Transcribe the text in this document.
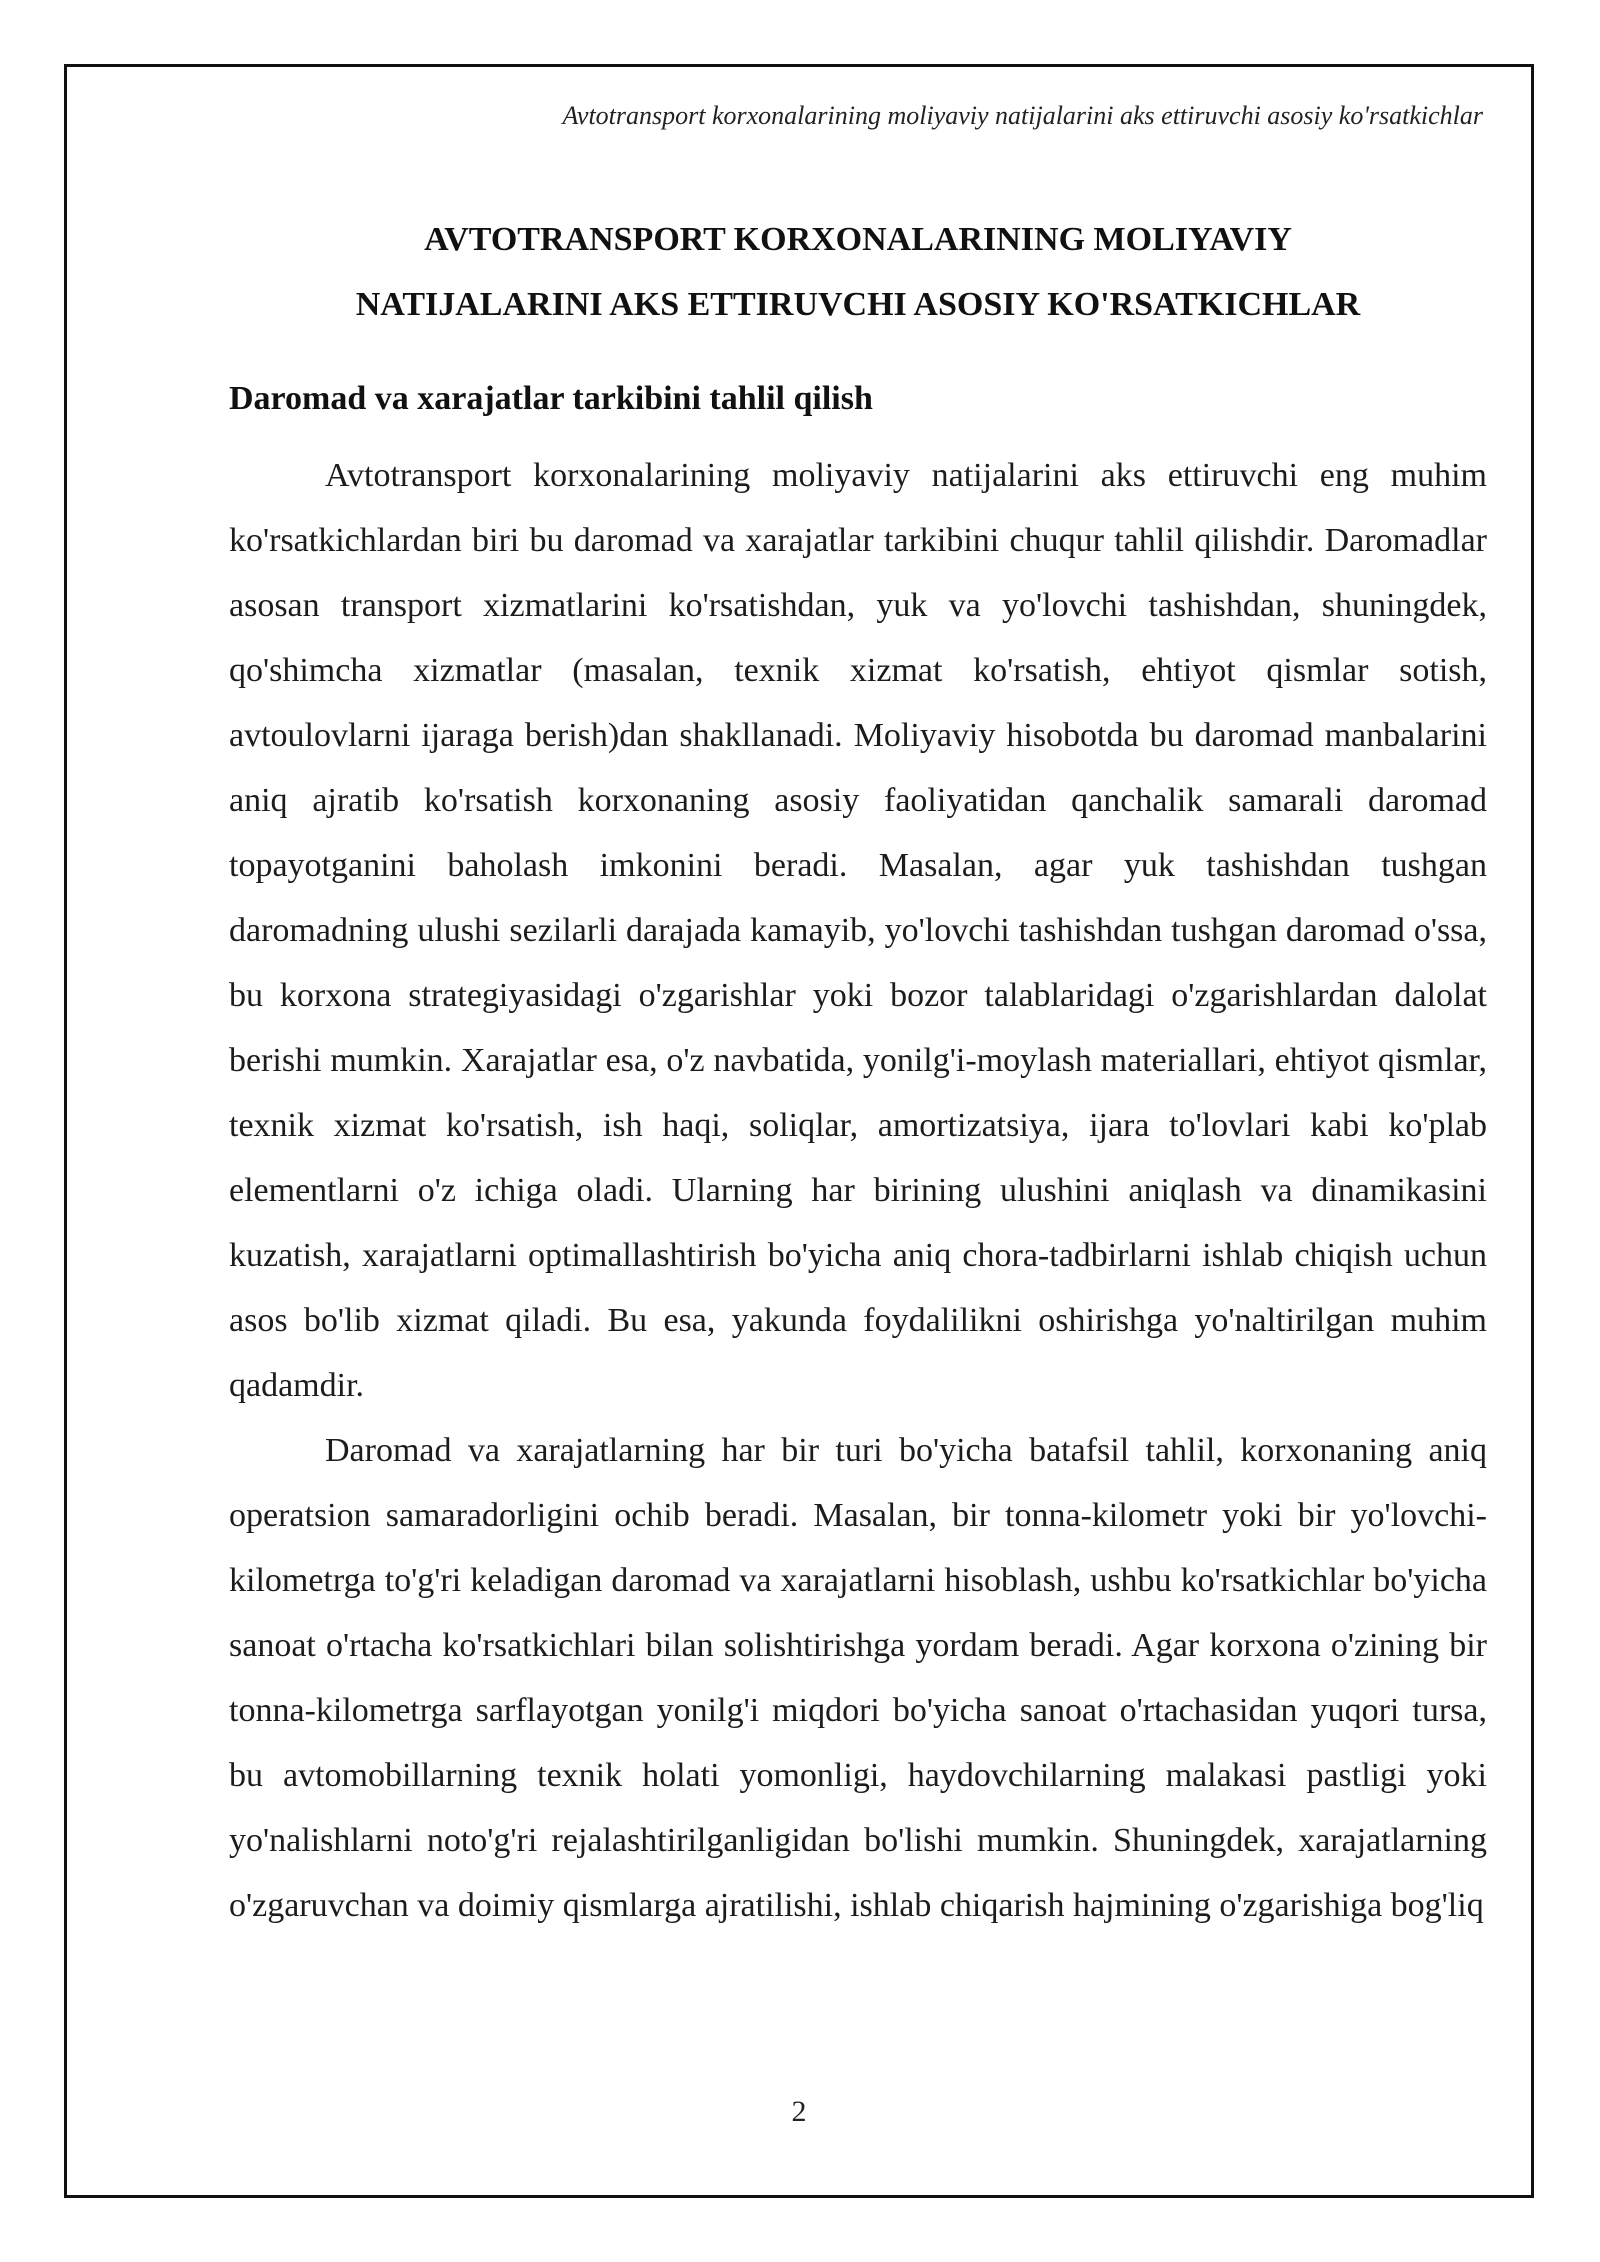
Avtotransport korxonalarining moliyaviy natijalarini aks ettiruvchi asosiy ko'rsatkichlar
AVTOTRANSPORT KORXONALARINING MOLIYAVIY
NATIJALARINI AKS ETTIRUVCHI ASOSIY KO'RSATKICHLAR
Daromad va xarajatlar tarkibini tahlil qilish

Avtotransport korxonalarining moliyaviy natijalarini aks ettiruvchi eng muhim ko'rsatkichlardan biri bu daromad va xarajatlar tarkibini chuqur tahlil qilishdir. Daromadlar asosan transport xizmatlarini ko'rsatishdan, yuk va yo'lovchi tashishdan, shuningdek, qo'shimcha xizmatlar (masalan, texnik xizmat ko'rsatish, ehtiyot qismlar sotish, avtoulovlarni ijaraga berish)dan shakllanadi. Moliyaviy hisobotda bu daromad manbalarini aniq ajratib ko'rsatish korxonaning asosiy faoliyatidan qanchalik samarali daromad topayotganini baholash imkonini beradi. Masalan, agar yuk tashishdan tushgan daromadning ulushi sezilarli darajada kamayib, yo'lovchi tashishdan tushgan daromad o'ssa, bu korxona strategiyasidagi o'zgarishlar yoki bozor talablaridagi o'zgarishlardan dalolat berishi mumkin. Xarajatlar esa, o'z navbatida, yonilg'i-moylash materiallari, ehtiyot qismlar, texnik xizmat ko'rsatish, ish haqi, soliqlar, amortizatsiya, ijara to'lovlari kabi ko'plab elementlarni o'z ichiga oladi. Ularning har birining ulushini aniqlash va dinamikasini kuzatish, xarajatlarni optimallashtirish bo'yicha aniq chora-tadbirlarni ishlab chiqish uchun asos bo'lib xizmat qiladi. Bu esa, yakunda foydalilikni oshirishga yo'naltirilgan muhim qadamdir.

Daromad va xarajatlarning har bir turi bo'yicha batafsil tahlil, korxonaning aniq operatsion samaradorligini ochib beradi. Masalan, bir tonna-kilometr yoki bir yo'lovchi-kilometrga to'g'ri keladigan daromad va xarajatlarni hisoblash, ushbu ko'rsatkichlar bo'yicha sanoat o'rtacha ko'rsatkichlari bilan solishtirishga yordam beradi. Agar korxona o'zining bir tonna-kilometrga sarflayotgan yonilg'i miqdori bo'yicha sanoat o'rtachasidan yuqori tursa, bu avtomobillarning texnik holati yomonligi, haydovchilarning malakasi pastligi yoki yo'nalishlarni noto'g'ri rejalashtirilganligidan bo'lishi mumkin. Shuningdek, xarajatlarning o'zgaruvchan va doimiy qismlarga ajratilishi, ishlab chiqarish hajmining o'zgarishiga bog'liq

2
